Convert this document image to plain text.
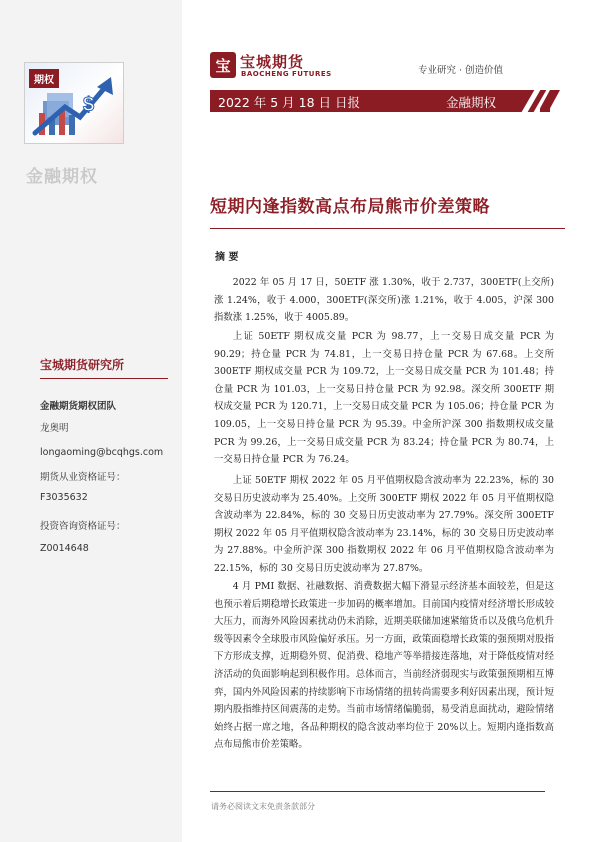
期权
$
金融期权
宝城期货研究所
金融期货期权团队
龙奥明
longaoming@bcqhgs.com
期货从业资格证号：
F3035632
投资咨询资格证号：
Z0014648
宝 宝城期货
BAOCHENG FUTURES	专业研究 · 创造价值
2022 年 5 月 18 日 日报	金融期权
短期内逢指数高点布局熊市价差策略
摘 要

2022 年 05 月 17 日，50ETF 涨 1.30%，收于 2.737，300ETF(上交所)涨 1.24%，收于 4.000，300ETF(深交所)涨 1.21%，收于 4.005，沪深 300 指数涨 1.25%，收于 4005.89。

上证 50ETF 期权成交量 PCR 为 98.77，上一交易日成交量 PCR 为 90.29；持仓量 PCR 为 74.81，上一交易日持仓量 PCR 为 67.68。上交所 300ETF 期权成交量 PCR 为 109.72，上一交易日成交量 PCR 为 101.48；持仓量 PCR 为 101.03，上一交易日持仓量 PCR 为 92.98。深交所 300ETF 期权成交量 PCR 为 120.71，上一交易日成交量 PCR 为 105.06；持仓量 PCR 为 109.05，上一交易日持仓量 PCR 为 95.39。中金所沪深 300 指数期权成交量 PCR 为 99.26，上一交易日成交量 PCR 为 83.24；持仓量 PCR 为 80.74，上一交易日持仓量 PCR 为 76.24。

上证 50ETF 期权 2022 年 05 月平值期权隐含波动率为 22.23%，标的 30 交易日历史波动率为 25.40%。上交所 300ETF 期权 2022 年 05 月平值期权隐含波动率为 22.84%，标的 30 交易日历史波动率为 27.79%。深交所 300ETF 期权 2022 年 05 月平值期权隐含波动率为 23.14%，标的 30 交易日历史波动率为 27.88%。中金所沪深 300 指数期权 2022 年 06 月平值期权隐含波动率为 22.15%，标的 30 交易日历史波动率为 27.87%。

4 月 PMI 数据、社融数据、消费数据大幅下滑显示经济基本面较差，但是这也预示着后期稳增长政策进一步加码的概率增加。目前国内疫情对经济增长形成较大压力，而海外风险因素扰动仍未消除，近期美联储加速紧缩货币以及俄乌危机升级等因素令全球股市风险偏好承压。另一方面，政策面稳增长政策的强预期对股指下方形成支撑，近期稳外贸、促消费、稳地产等举措接连落地，对于降低疫情对经济活动的负面影响起到积极作用。总体而言，当前经济弱现实与政策强预期相互博弈，国内外风险因素的持续影响下市场情绪的扭转尚需要多利好因素出现，预计短期内股指维持区间震荡的走势。当前市场情绪偏脆弱，易受消息面扰动，避险情绪始终占据一席之地，各品种期权的隐含波动率均位于 20%以上。短期内逢指数高点布局熊市价差策略。

请务必阅读文末免责条款部分
